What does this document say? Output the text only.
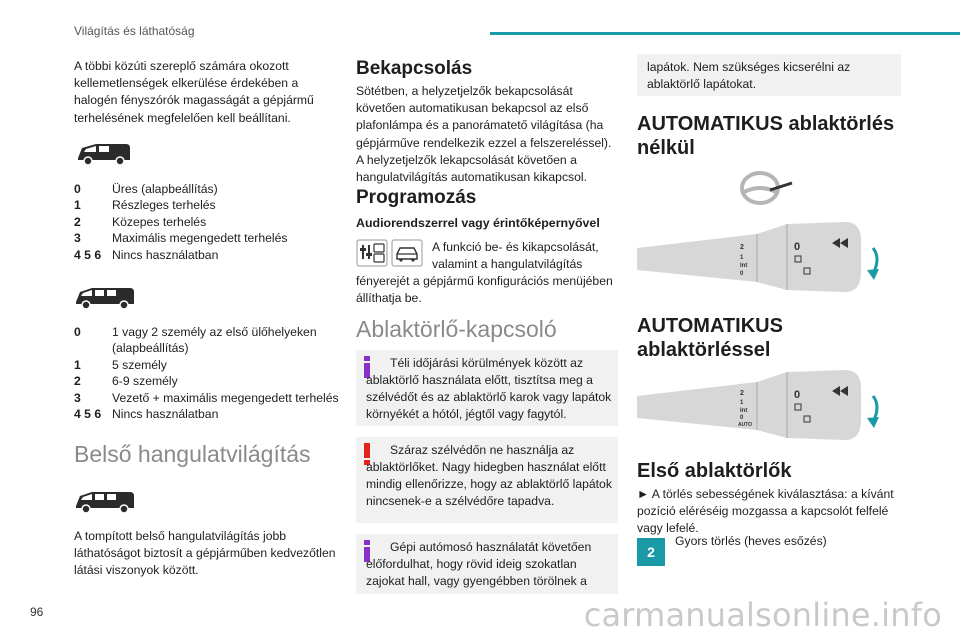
Világítás és láthatóság

A többi közúti szereplő számára okozott kellemetlenségek elkerülése érdekében a halogén fényszórók magasságát a gépjármű terhelésének megfelelően kell beállítani.

0	Üres (alapbeállítás)
1	Részleges terhelés
2	Közepes terhelés
3	Maximális megengedett terhelés
4 5 6 Nincs használatban
0	1 vagy 2 személy az első ülőhelyeken (alapbeállítás)
1	5 személy
2	6-9 személy
3	Vezető + maximális megengedett terhelés
4 5 6 Nincs használatban
Belső hangulatvilágítás

A tompított belső hangulatvilágítás jobb láthatóságot biztosít a gépjárműben kedvezőtlen látási viszonyok között.

Bekapcsolás

Sötétben, a helyzetjelzők bekapcsolását követően automatikusan bekapcsol az első plafonlámpa és a panorámatető világítása (ha gépjárműve rendelkezik ezzel a felszereléssel). A helyzetjelzők lekapcsolását követően a hangulatvilágítás automatikusan kikapcsol.

Programozás
Audiorendszerrel vagy érintőképernyővel

A funkció be- és kikapcsolását, valamint a hangulatvilágítás

fényerejét a gépjármű konfigurációs menüjében állíthatja be.

Ablaktörlő-kapcsoló
Téli időjárási körülmények között az ablaktörlő használata előtt, tisztítsa meg a szélvédőt és az ablaktörlő karok vagy lapátok környékét a hótól, jégtől vagy fagytól.
Száraz szélvédőn ne használja az ablaktörlőket. Nagy hidegben használat előtt mindig ellenőrizze, hogy az ablaktörlő lapátok nincsenek-e a szélvédőre tapadva.
Gépi autómosó használatát követően előfordulhat, hogy rövid ideig szokatlan zajokat hall, vagy gyengébben törölnek a
lapátok. Nem szükséges kicserélni az ablaktörlő lapátokat.
AUTOMATIKUS ablaktörlés nélkül
2
1
Int
0
0
AUTOMATIKUS ablaktörléssel
2
1
Int
0
AUTO
0
Első ablaktörlők

► A törlés sebességének kiválasztása: a kívánt pozíció eléréséig mozgassa a kapcsolót felfelé vagy lefelé.

2

Gyors törlés (heves esőzés)

96	carmanualsonline.info
